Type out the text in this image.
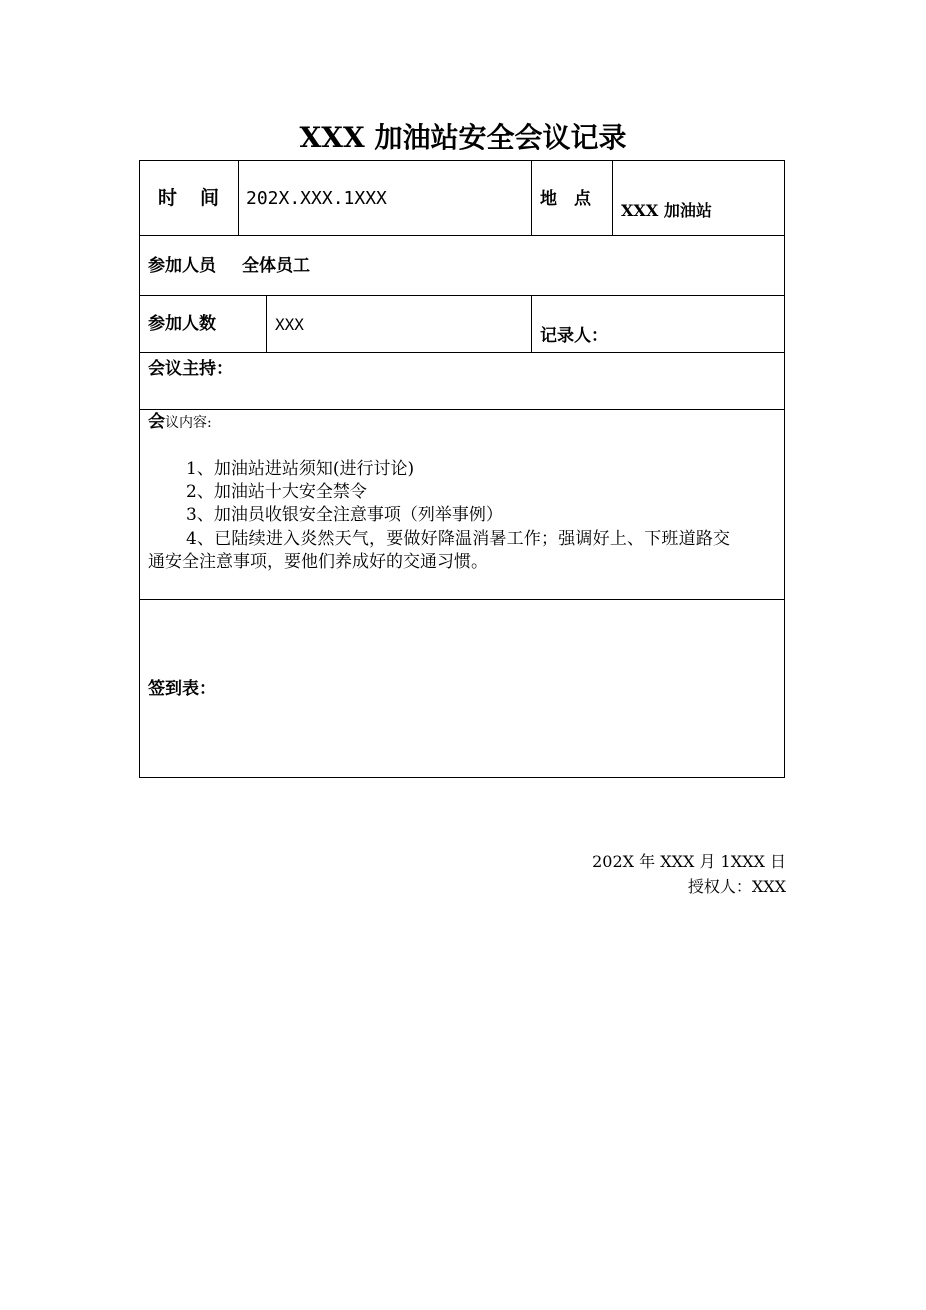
XXX 加油站安全会议记录
时　间 202X.XXX.1XXX	地　点
XXX 加油站
参加人员 全体员工
参加人数	XXX
记录人：
会议主持：
会议内容:
1、加油站进站须知(进行讨论)
2、加油站十大安全禁令
3、加油员收银安全注意事项（列举事例）
4、已陆续进入炎然天气，要做好降温消暑工作；强调好上、下班道路交
通安全注意事项，要他们养成好的交通习惯。
签到表：
202X 年 XXX 月 1XXX 日
授权人：XXX
